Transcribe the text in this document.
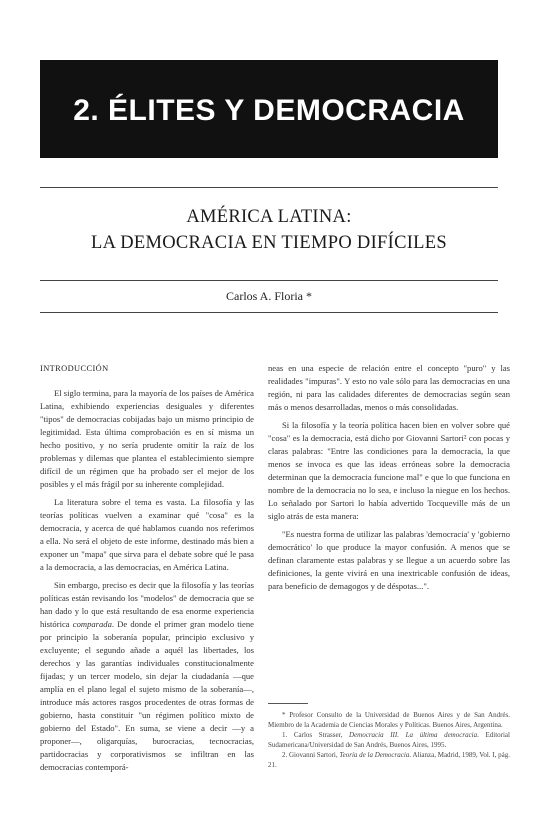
2. ÉLITES Y DEMOCRACIA
AMÉRICA LATINA:
LA DEMOCRACIA EN TIEMPO DIFÍCILES
Carlos A. Floria *

INTRODUCCIÓN

El siglo termina, para la mayoría de los países de América Latina, exhibiendo experiencias desiguales y diferentes "tipos" de democracias cobijadas bajo un mismo principio de legitimidad. Esta última comprobación es en sí misma un hecho positivo, y no sería prudente omitir la raíz de los problemas y dilemas que plantea el establecimiento siempre difícil de un régimen que ha probado ser el mejor de los posibles y el más frágil por su inherente complejidad.

La literatura sobre el tema es vasta. La filosofía y las teorías políticas vuelven a examinar qué "cosa" es la democracia, y acerca de qué hablamos cuando nos referimos a ella. No será el objeto de este informe, destinado más bien a exponer un "mapa" que sirva para el debate sobre qué le pasa a la democracia, a las democracias, en América Latina.

Sin embargo, preciso es decir que la filosofía y las teorías políticas están revisando los "modelos" de democracia que se han dado y lo que está resultando de esa enorme experiencia histórica comparada. De donde el primer gran modelo tiene por principio la soberanía popular, principio exclusivo y excluyente; el segundo añade a aquél las libertades, los derechos y las garantías individuales constitucionalmente fijadas; y un tercer modelo, sin dejar la ciudadanía —que amplía en el plano legal el sujeto mismo de la soberanía—, introduce más actores rasgos procedentes de otras formas de gobierno, hasta constituir "un régimen político mixto de gobierno del Estado". En suma, se viene a decir —y a proponer—, oligarquías, burocracias, tecnocracias, partidocracias y corporativismos se infiltran en las democracias contemporá-

neas en una especie de relación entre el concepto "puro" y las realidades "impuras". Y esto no vale sólo para las democracias en una región, ni para las calidades diferentes de democracias según sean más o menos desarrolladas, menos o más consolidadas.

Si la filosofía y la teoría política hacen bien en volver sobre qué "cosa" es la democracia, está dicho por Giovanni Sartori² con pocas y claras palabras: "Entre las condiciones para la democracia, la que menos se invoca es que las ideas erróneas sobre la democracia determinan que la democracia funcione mal" e que lo que funciona en nombre de la democracia no lo sea, e incluso la niegue en los hechos. Lo señalado por Sartori lo había advertido Tocqueville más de un siglo atrás de esta manera:

"Es nuestra forma de utilizar las palabras 'democracia' y 'gobierno democrático' lo que produce la mayor confusión. A menos que se definan claramente estas palabras y se llegue a un acuerdo sobre las definiciones, la gente vivirá en una inextricable confusión de ideas, para beneficio de demagogos y de déspotas...".

* Profesor Consulto de la Universidad de Buenos Aires y de San Andrés. Miembro de la Academia de Ciencias Morales y Políticas. Buenos Aires, Argentina.

1. Carlos Strasser, Democracia III. La última democracia. Editorial Sudamericana/Universidad de San Andrés, Buenos Aires, 1995.

2. Giovanni Sartori, Teoría de la Democracia. Alianza, Madrid, 1989, Vol. I, pág. 21.
